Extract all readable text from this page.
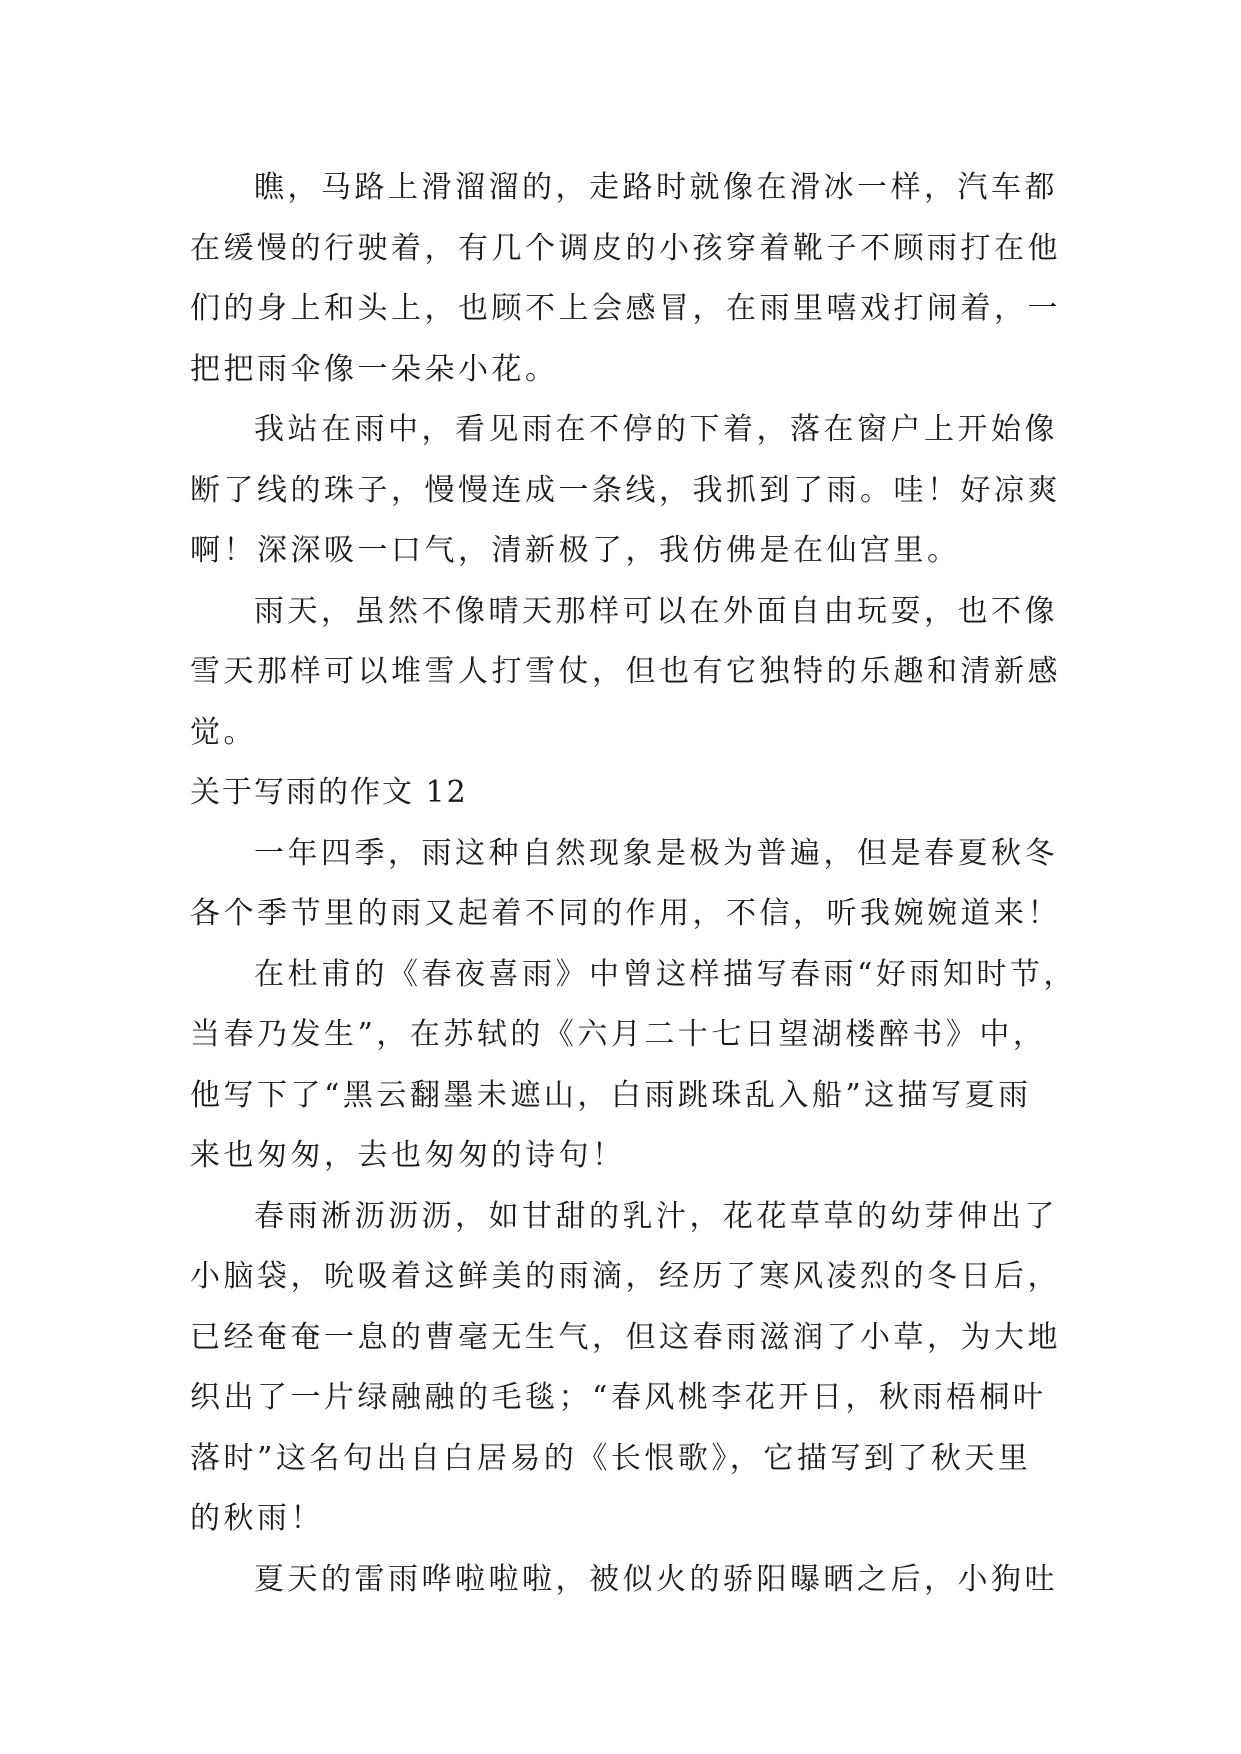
瞧，马路上滑溜溜的，走路时就像在滑冰一样，汽车都
在缓慢的行驶着，有几个调皮的小孩穿着靴子不顾雨打在他
们的身上和头上，也顾不上会感冒，在雨里嘻戏打闹着，一
把把雨伞像一朵朵小花。
我站在雨中，看见雨在不停的下着，落在窗户上开始像
断了线的珠子，慢慢连成一条线，我抓到了雨。哇！好凉爽
啊！深深吸一口气，清新极了，我仿佛是在仙宫里。
雨天，虽然不像晴天那样可以在外面自由玩耍，也不像
雪天那样可以堆雪人打雪仗，但也有它独特的乐趣和清新感
觉。
关于写雨的作文 12
一年四季，雨这种自然现象是极为普遍，但是春夏秋冬
各个季节里的雨又起着不同的作用，不信，听我婉婉道来！
在杜甫的《春夜喜雨》中曾这样描写春雨“好雨知时节，
当春乃发生”，在苏轼的《六月二十七日望湖楼醉书》中，
他写下了“黑云翻墨未遮山，白雨跳珠乱入船”这描写夏雨
来也匆匆，去也匆匆的诗句！
春雨淅沥沥沥，如甘甜的乳汁，花花草草的幼芽伸出了
小脑袋，吮吸着这鲜美的雨滴，经历了寒风凌烈的冬日后，
已经奄奄一息的曹毫无生气，但这春雨滋润了小草，为大地
织出了一片绿融融的毛毯；“春风桃李花开日，秋雨梧桐叶
落时”这名句出自白居易的《长恨歌》，它描写到了秋天里
的秋雨！
夏天的雷雨哗啦啦啦，被似火的骄阳曝晒之后，小狗吐
